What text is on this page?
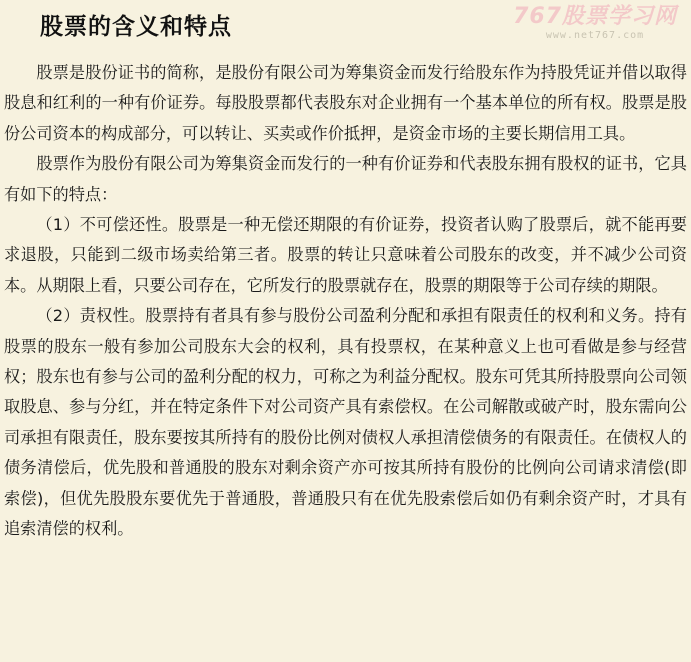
股票的含义和特点	767股票学习网
www.net767.com

股票是股份证书的简称，是股份有限公司为筹集资金而发行给股东作为持股凭证并借以取得股息和红利的一种有价证券。每股股票都代表股东对企业拥有一个基本单位的所有权。股票是股份公司资本的构成部分，可以转让、买卖或作价抵押，是资金市场的主要长期信用工具。

股票作为股份有限公司为筹集资金而发行的一种有价证券和代表股东拥有股权的证书，它具有如下的特点：

（1）不可偿还性。股票是一种无偿还期限的有价证券，投资者认购了股票后，就不能再要求退股，只能到二级市场卖给第三者。股票的转让只意味着公司股东的改变，并不减少公司资本。从期限上看，只要公司存在，它所发行的股票就存在，股票的期限等于公司存续的期限。

（2）责权性。股票持有者具有参与股份公司盈利分配和承担有限责任的权利和义务。持有股票的股东一般有参加公司股东大会的权利，具有投票权，在某种意义上也可看做是参与经营权；股东也有参与公司的盈利分配的权力，可称之为利益分配权。股东可凭其所持股票向公司领取股息、参与分红，并在特定条件下对公司资产具有索偿权。在公司解散或破产时，股东需向公司承担有限责任，股东要按其所持有的股份比例对债权人承担清偿债务的有限责任。在债权人的债务清偿后，优先股和普通股的股东对剩余资产亦可按其所持有股份的比例向公司请求清偿(即索偿)，但优先股股东要优先于普通股，普通股只有在优先股索偿后如仍有剩余资产时，才具有追索清偿的权利。
